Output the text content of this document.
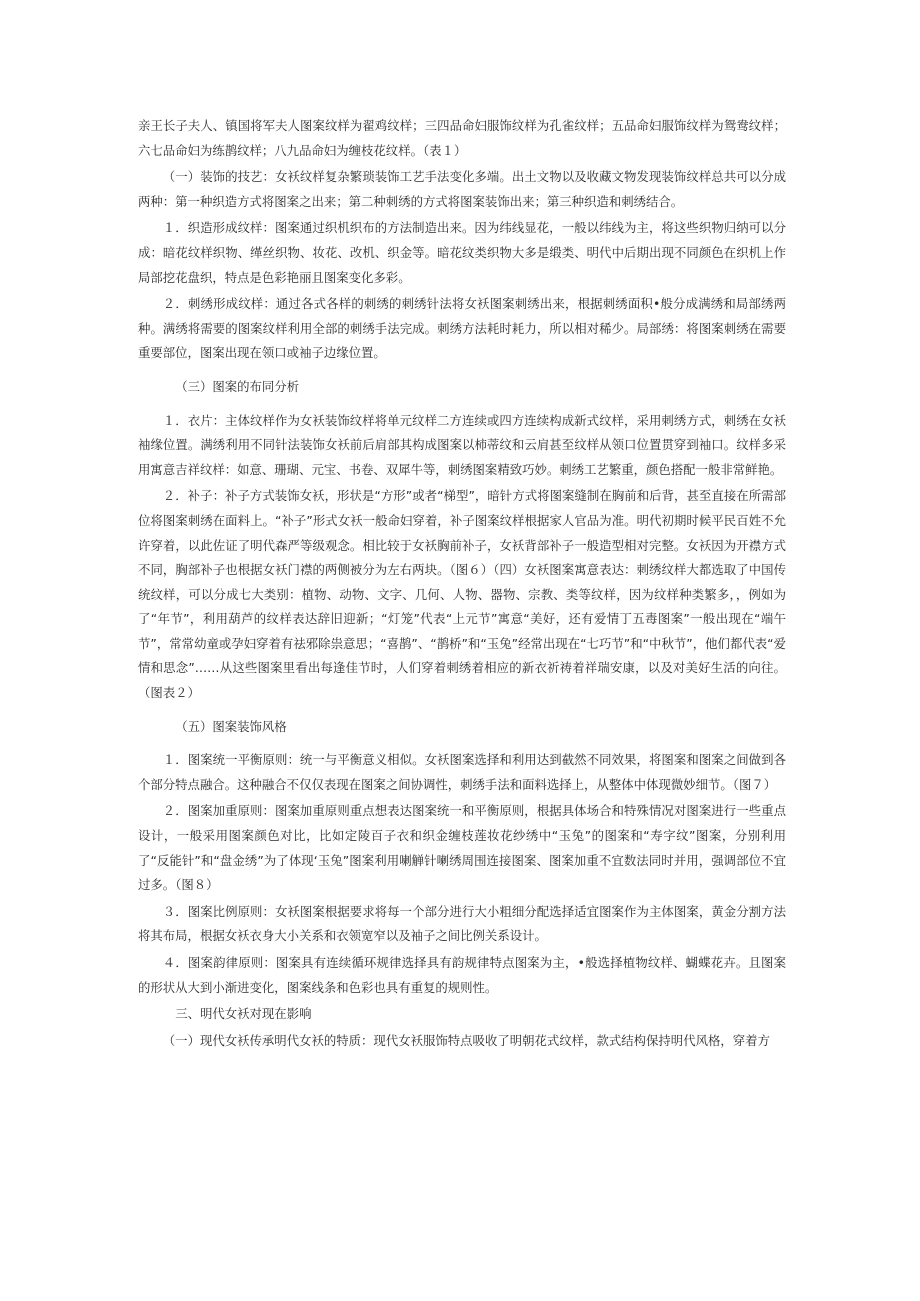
亲王长子夫人、镇国将军夫人图案纹样为翟鸡纹样；三四品命妇服饰纹样为孔雀纹样；五品命妇服饰纹样为鸳鸯纹样；六七品命妇为练鹊纹样；八九品命妇为缠枝花纹样。（表１）

（一）装饰的技艺：女袄纹样复杂繁琐装饰工艺手法变化多端。出土文物以及收藏文物发现装饰纹样总共可以分成两种：第一种织造方式将图案之出来；第二种刺绣的方式将图案装饰出来；第三种织造和刺绣结合。

１．织造形成纹样：图案通过织机织布的方法制造出来。因为纬线显花，一般以纬线为主，将这些织物归纳可以分成：暗花纹样织物、缂丝织物、妆花、改机、织金等。暗花纹类织物大多是缎类、明代中后期出现不同颜色在织机上作局部挖花盘织，特点是色彩艳丽且图案变化多彩。

２．刺绣形成纹样：通过各式各样的刺绣的刺绣针法将女袄图案刺绣出来，根据刺绣面积•般分成满绣和局部绣两种。满绣将需要的图案纹样利用全部的刺绣手法完成。刺绣方法耗时耗力，所以相对稀少。局部绣：将图案刺绣在需要重要部位，图案出现在领口或袖子边缘位置。

（三）图案的布同分析

１．衣片：主体纹样作为女袄装饰纹样将单元纹样二方连续或四方连续构成新式纹样，采用刺绣方式，刺绣在女袄袖缘位置。满绣利用不同针法装饰女袄前后肩部其构成图案以柿蒂纹和云肩甚至纹样从领口位置贯穿到袖口。纹样多采用寓意吉祥纹样：如意、珊瑚、元宝、书卷、双犀牛等，刺绣图案精致巧妙。刺绣工艺繁重，颜色搭配一般非常鲜艳。

２．补子：补子方式装饰女袄，形状是“方形”或者“梯型”，暗针方式将图案缝制在胸前和后背，甚至直接在所需部位将图案刺绣在面料上。“补子”形式女袄一般命妇穿着，补子图案纹样根据家人官品为准。明代初期时候平民百姓不允许穿着，以此佐证了明代森严等级观念。相比较于女袄胸前补子，女袄背部补子一般造型相对完整。女袄因为开襟方式不同，胸部补子也根据女袄门襟的两侧被分为左右两块。（图６）（四）女袄图案寓意表达：刺绣纹样大都选取了中国传统纹样，可以分成七大类别：植物、动物、文字、几何、人物、器物、宗教、类等纹样，因为纹样种类繁多，，例如为了“年节”，利用葫芦的纹样表达辞旧迎新；“灯笼”代表“上元节”寓意“美好，还有爱情丁五毒图案”一般出现在“端午节”，常常幼童或孕妇穿着有祛邪除祟意思；“喜鹊”、“鹊桥”和“玉兔”经常出现在“七巧节”和“中秋节”，他们都代表“爱情和思念”……从这些图案里看出每逢佳节时，人们穿着刺绣着相应的新衣祈祷着祥瑞安康，以及对美好生活的向往。（图表２）

（五）图案装饰风格

１．图案统一平衡原则：统一与平衡意义相似。女袄图案选择和利用达到截然不同效果，将图案和图案之间做到各个部分特点融合。这种融合不仅仅表现在图案之间协调性，刺绣手法和面料选择上，从整体中体现微妙细节。（图７）

２．图案加重原则：图案加重原则重点想表达图案统一和平衡原则，根据具体场合和特殊情况对图案进行一些重点设计，一般采用图案颜色对比，比如定陵百子衣和织金缠枝莲妆花纱绣中“玉兔”的图案和“寿字纹”图案，分别利用了“反能针”和“盘金绣”为了体现‘玉兔”图案利用喇觯针喇绣周围连接图案、图案加重不宜数法同时并用，强调部位不宜过多。（图８）

３．图案比例原则：女袄图案根据要求将每一个部分进行大小粗细分配选择适宜图案作为主体图案，黄金分割方法将其布局，根据女袄衣身大小关系和衣领宽窄以及袖子之间比例关系设计。

４．图案韵律原则：图案具有连续循环规律选择具有韵规律特点图案为主，•般选择植物纹样、蝴蝶花卉。且图案的形状从大到小渐进变化，图案线条和色彩也具有重复的规则性。

三、明代女袄对现在影响

（一）现代女袄传承明代女袄的特质：现代女袄服饰特点吸收了明朝花式纹样，款式结构保持明代风格，穿着方
